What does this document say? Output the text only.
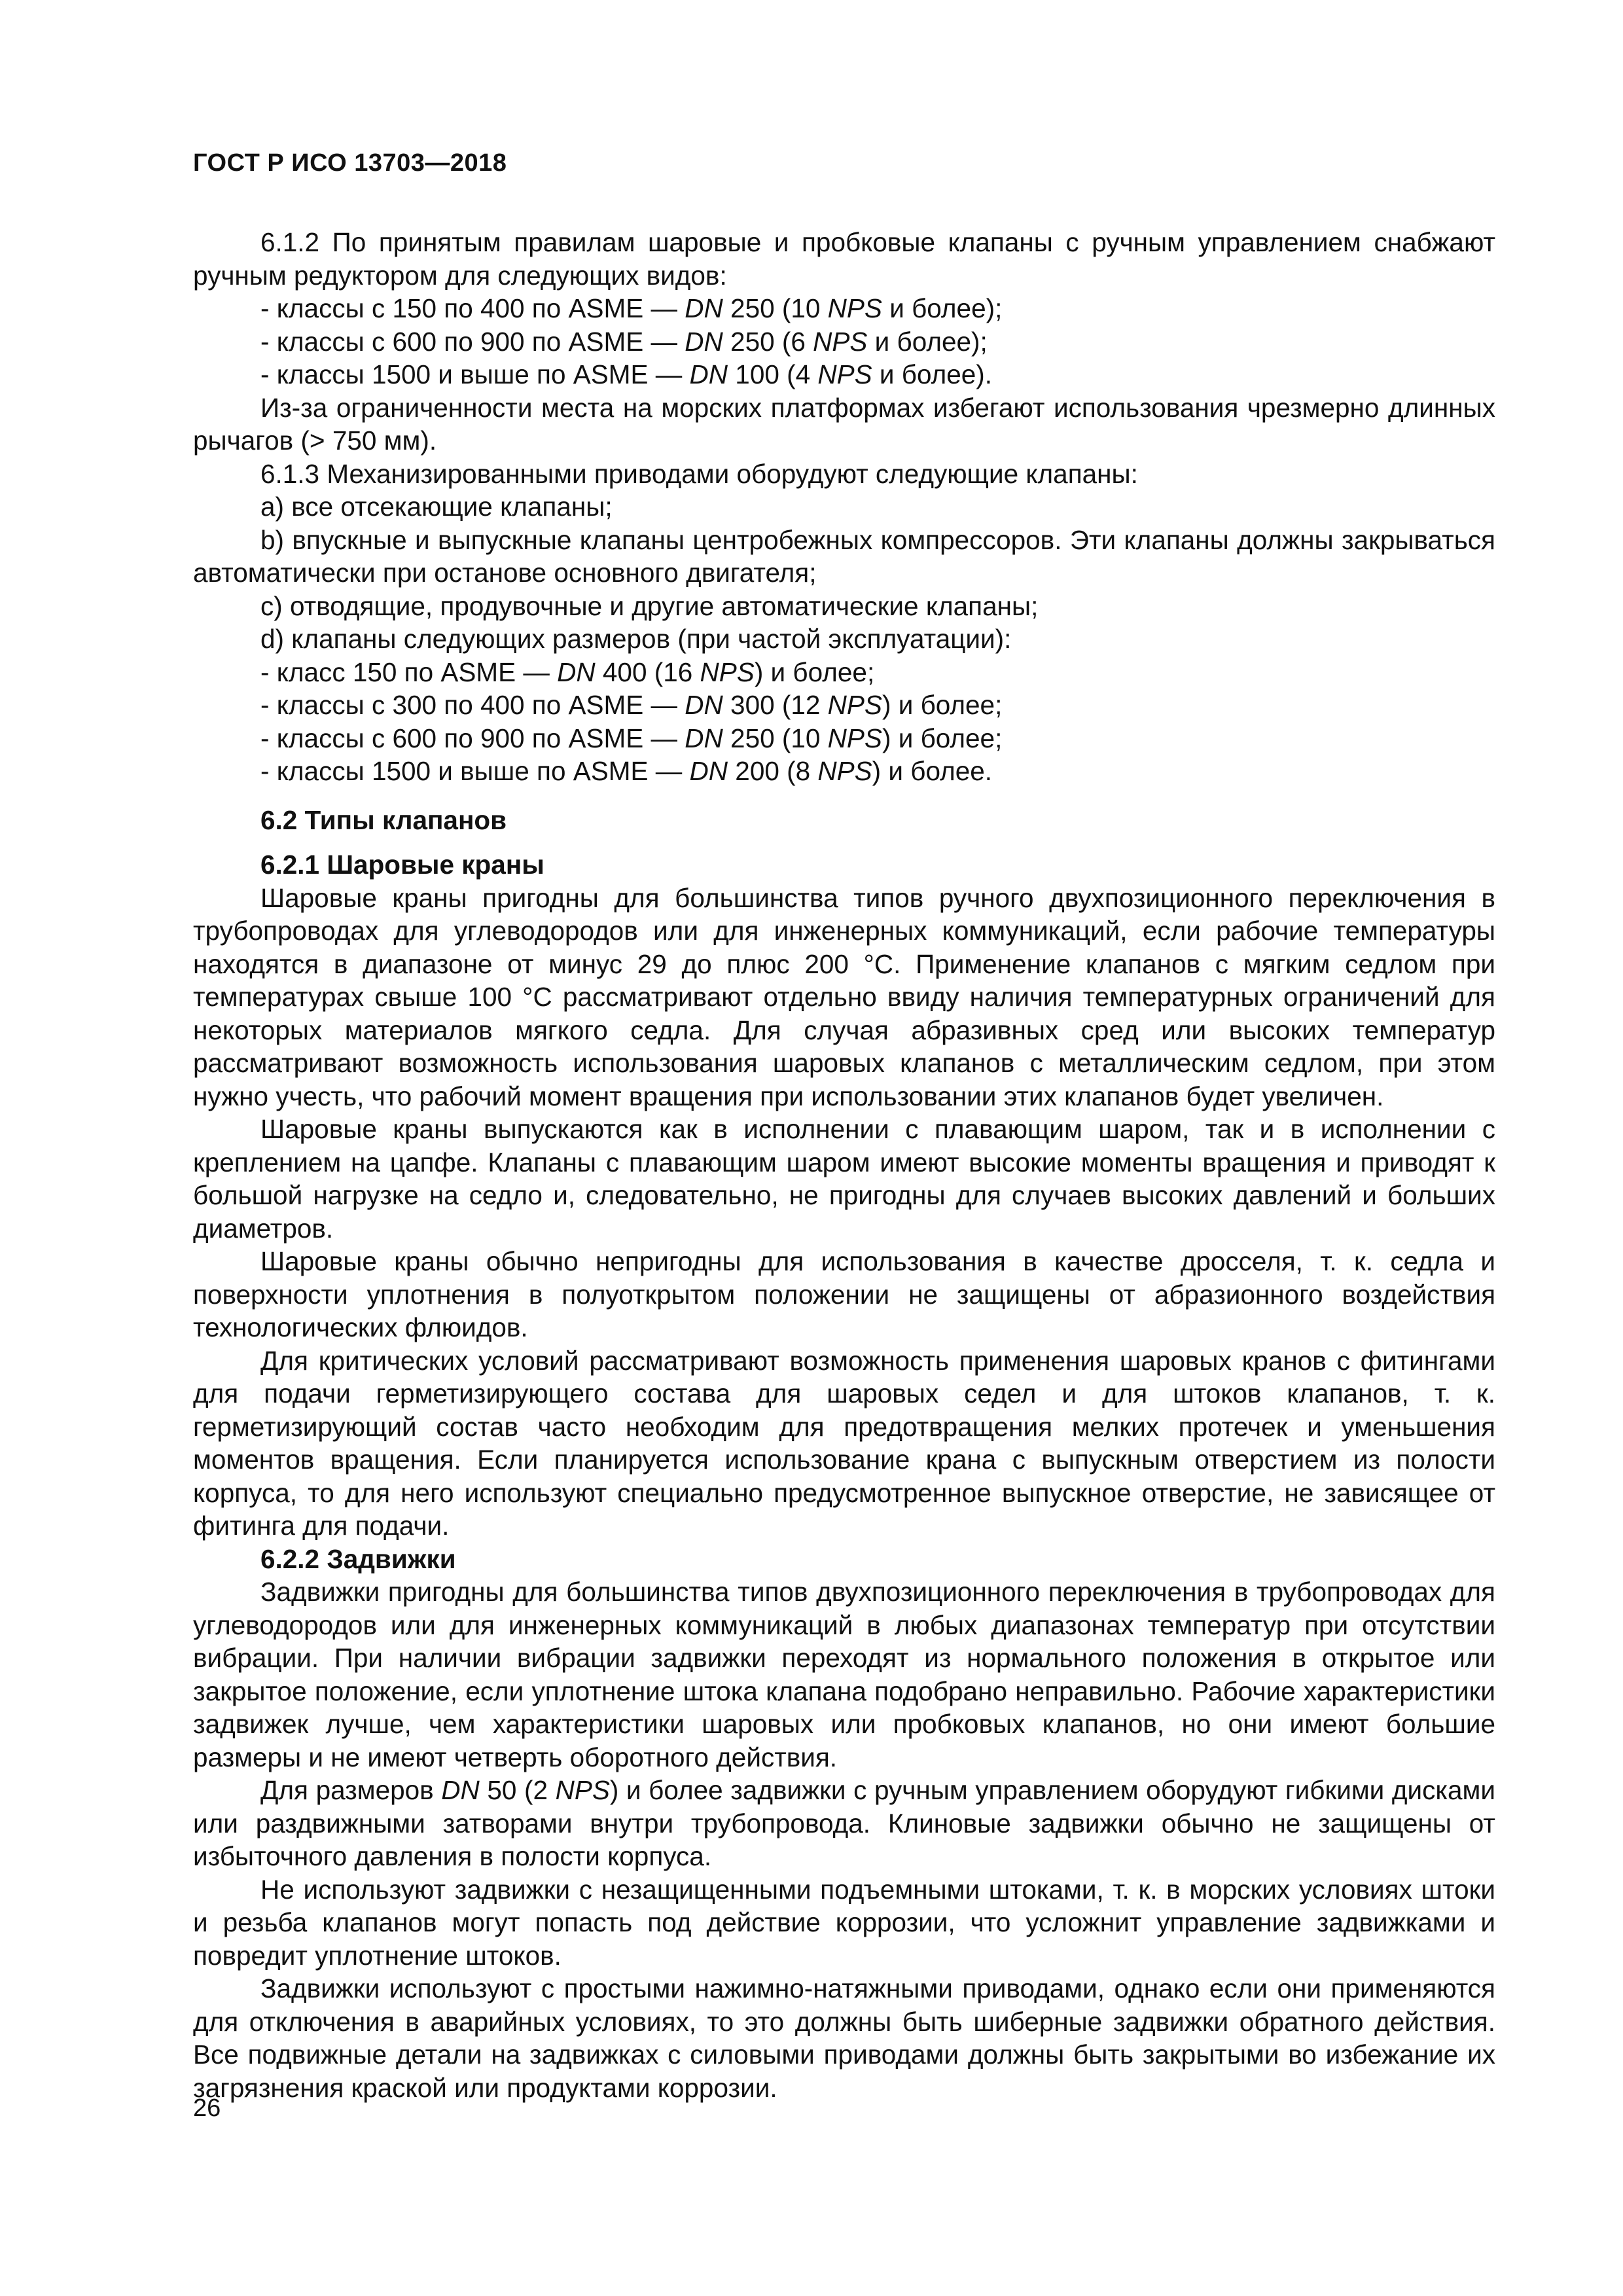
ГОСТ Р ИСО 13703—2018

6.1.2 По принятым правилам шаровые и пробковые клапаны с ручным управлением снабжают ручным редуктором для следующих видов:

- классы с 150 по 400 по ASME — DN 250 (10 NPS и более);
- классы с 600 по 900 по ASME — DN 250 (6 NPS и более);
- классы 1500 и выше по ASME — DN 100 (4 NPS и более).

Из-за ограниченности места на морских платформах избегают использования чрезмерно длинных рычагов (> 750 мм).

6.1.3 Механизированными приводами оборудуют следующие клапаны:

a) все отсекающие клапаны;

b) впускные и выпускные клапаны центробежных компрессоров. Эти клапаны должны закрываться автоматически при останове основного двигателя;

c) отводящие, продувочные и другие автоматические клапаны;
d) клапаны следующих размеров (при частой эксплуатации):
- класс 150 по ASME — DN 400 (16 NPS) и более;
- классы с 300 по 400 по ASME — DN 300 (12 NPS) и более;
- классы с 600 по 900 по ASME — DN 250 (10 NPS) и более;
- классы 1500 и выше по ASME — DN 200 (8 NPS) и более.
6.2 Типы клапанов
6.2.1 Шаровые краны

Шаровые краны пригодны для большинства типов ручного двухпозиционного переключения в трубопроводах для углеводородов или для инженерных коммуникаций, если рабочие температуры находятся в диапазоне от минус 29 до плюс 200 °С. Применение клапанов с мягким седлом при температурах свыше 100 °С рассматривают отдельно ввиду наличия температурных ограничений для некоторых материалов мягкого седла. Для случая абразивных сред или высоких температур рассматривают возможность использования шаровых клапанов с металлическим седлом, при этом нужно учесть, что рабочий момент вращения при использовании этих клапанов будет увеличен.

Шаровые краны выпускаются как в исполнении с плавающим шаром, так и в исполнении с креплением на цапфе. Клапаны с плавающим шаром имеют высокие моменты вращения и приводят к большой нагрузке на седло и, следовательно, не пригодны для случаев высоких давлений и больших диаметров.

Шаровые краны обычно непригодны для использования в качестве дросселя, т. к. седла и поверхности уплотнения в полуоткрытом положении не защищены от абразионного воздействия технологических флюидов.

Для критических условий рассматривают возможность применения шаровых кранов с фитингами для подачи герметизирующего состава для шаровых седел и для штоков клапанов, т. к. герметизирующий состав часто необходим для предотвращения мелких протечек и уменьшения моментов вращения. Если планируется использование крана с выпускным отверстием из полости корпуса, то для него используют специально предусмотренное выпускное отверстие, не зависящее от фитинга для подачи.

6.2.2 Задвижки

Задвижки пригодны для большинства типов двухпозиционного переключения в трубопроводах для углеводородов или для инженерных коммуникаций в любых диапазонах температур при отсутствии вибрации. При наличии вибрации задвижки переходят из нормального положения в открытое или закрытое положение, если уплотнение штока клапана подобрано неправильно. Рабочие характеристики задвижек лучше, чем характеристики шаровых или пробковых клапанов, но они имеют большие размеры и не имеют четверть оборотного действия.

Для размеров DN 50 (2 NPS) и более задвижки с ручным управлением оборудуют гибкими дисками или раздвижными затворами внутри трубопровода. Клиновые задвижки обычно не защищены от избыточного давления в полости корпуса.

Не используют задвижки с незащищенными подъемными штоками, т. к. в морских условиях штоки и резьба клапанов могут попасть под действие коррозии, что усложнит управление задвижками и повредит уплотнение штоков.

Задвижки используют с простыми нажимно-натяжными приводами, однако если они применяются для отключения в аварийных условиях, то это должны быть шиберные задвижки обратного действия. Все подвижные детали на задвижках с силовыми приводами должны быть закрытыми во избежание их загрязнения краской или продуктами коррозии.

26
